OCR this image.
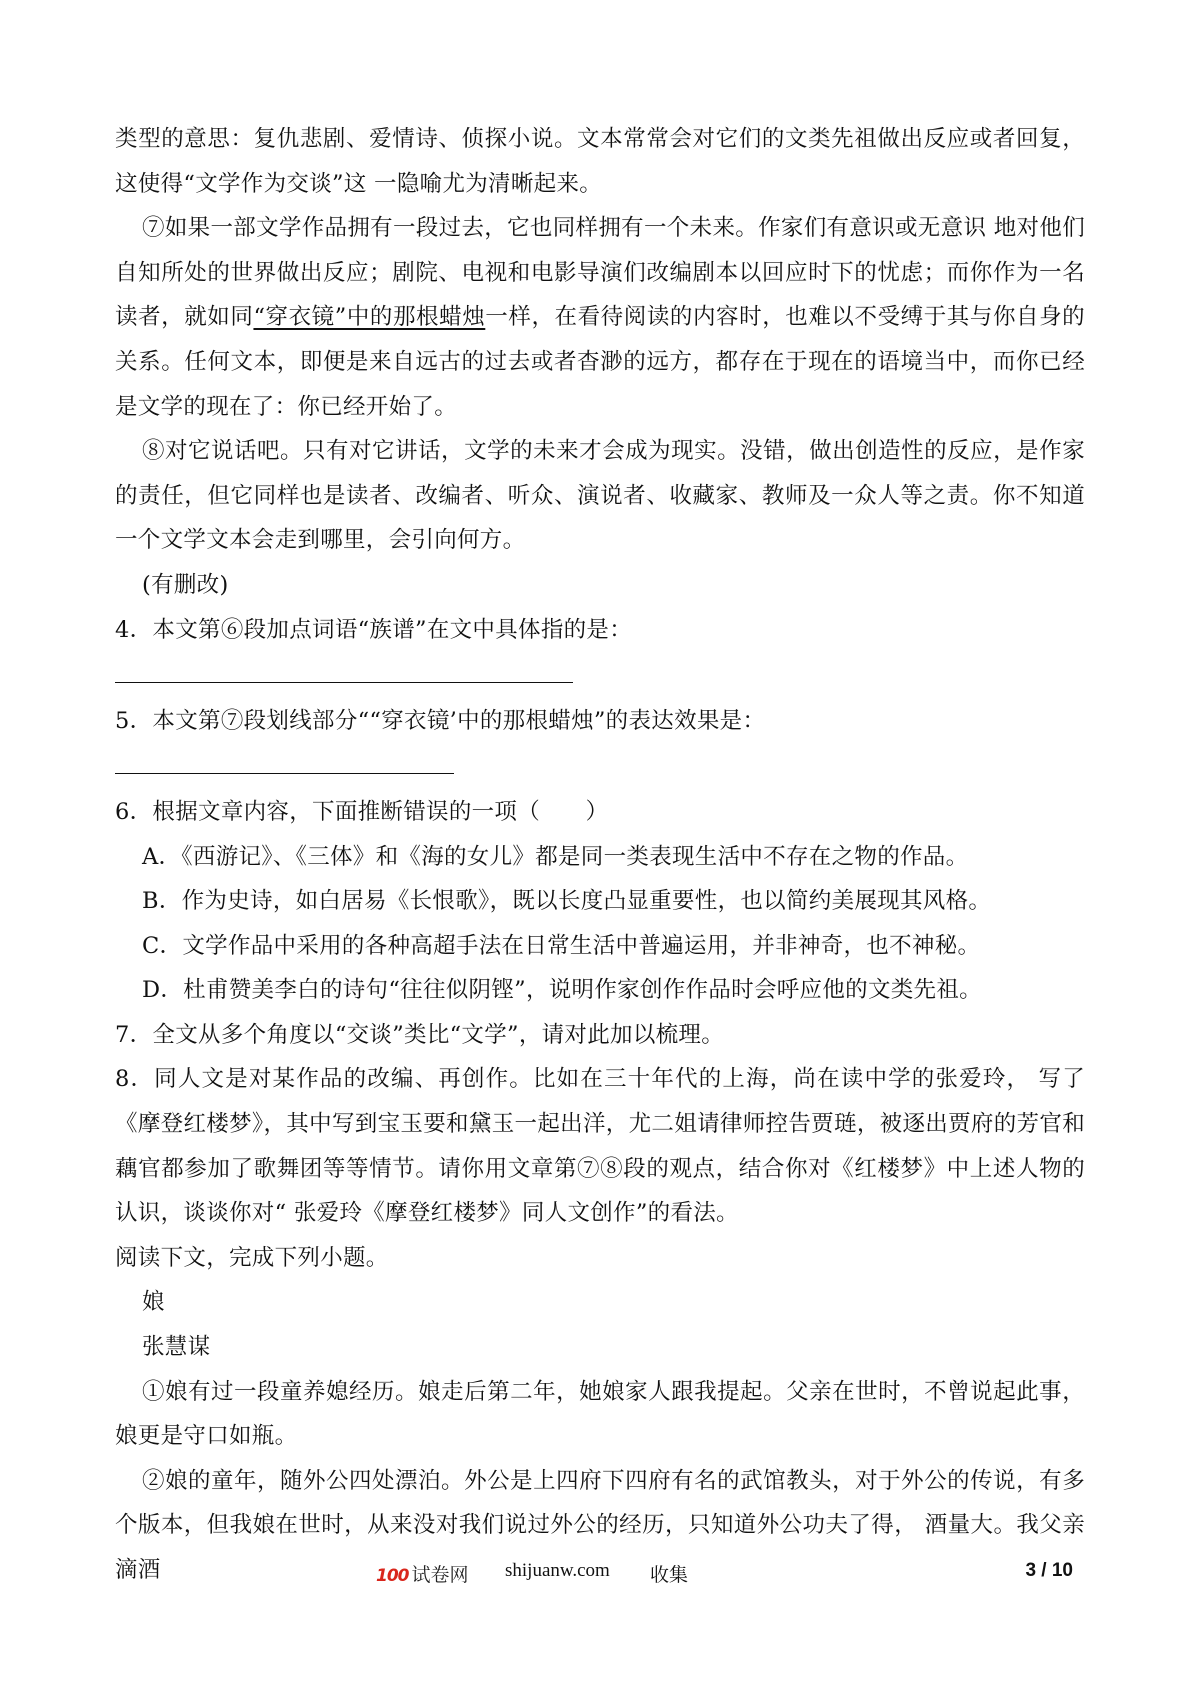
类型的意思：复仇悲剧、爱情诗、侦探小说。文本常常会对它们的文类先祖做出反应或者回复，这使得“文学作为交谈”这 一隐喻尤为清晰起来。

⑦如果一部文学作品拥有一段过去，它也同样拥有一个未来。作家们有意识或无意识 地对他们自知所处的世界做出反应；剧院、电视和电影导演们改编剧本以回应时下的忧虑；而你作为一名读者，就如同“穿衣镜”中的那根蜡烛一样，在看待阅读的内容时，也难以不受缚于其与你自身的关系。任何文本，即便是来自远古的过去或者杳渺的远方，都存在于现在的语境当中，而你已经是文学的现在了：你已经开始了。

⑧对它说话吧。只有对它讲话，文学的未来才会成为现实。没错，做出创造性的反应，是作家的责任，但它同样也是读者、改编者、听众、演说者、收藏家、教师及一众人等之责。你不知道一个文学文本会走到哪里，会引向何方。

(有删改)

4．本文第⑥段加点词语“族谱”在文中具体指的是：

5．本文第⑦段划线部分““穿衣镜’中的那根蜡烛”的表达效果是：

6．根据文章内容，下面推断错误的一项（　　）

A．《西游记》、《三体》和《海的女儿》都是同一类表现生活中不存在之物的作品。

B．作为史诗，如白居易《长恨歌》，既以长度凸显重要性，也以简约美展现其风格。

C．文学作品中采用的各种高超手法在日常生活中普遍运用，并非神奇，也不神秘。

D．杜甫赞美李白的诗句“往往似阴铿”，说明作家创作作品时会呼应他的文类先祖。

7．全文从多个角度以“交谈”类比“文学”，请对此加以梳理。

8．同人文是对某作品的改编、再创作。比如在三十年代的上海，尚在读中学的张爱玲， 写了《摩登红楼梦》，其中写到宝玉要和黛玉一起出洋，尤二姐请律师控告贾琏，被逐出贾府的芳官和藕官都参加了歌舞团等等情节。请你用文章第⑦⑧段的观点，结合你对《红楼梦》中上述人物的认识，谈谈你对“ 张爱玲《摩登红楼梦》同人文创作”的看法。

阅读下文，完成下列小题。

娘

张慧谋

①娘有过一段童养媳经历。娘走后第二年，她娘家人跟我提起。父亲在世时，不曾说起此事，娘更是守口如瓶。

②娘的童年，随外公四处漂泊。外公是上四府下四府有名的武馆教头，对于外公的传说，有多个版本，但我娘在世时，从来没对我们说过外公的经历，只知道外公功夫了得， 酒量大。我父亲滴酒	100 试卷网 shijuanw.com 收集	3 / 10
